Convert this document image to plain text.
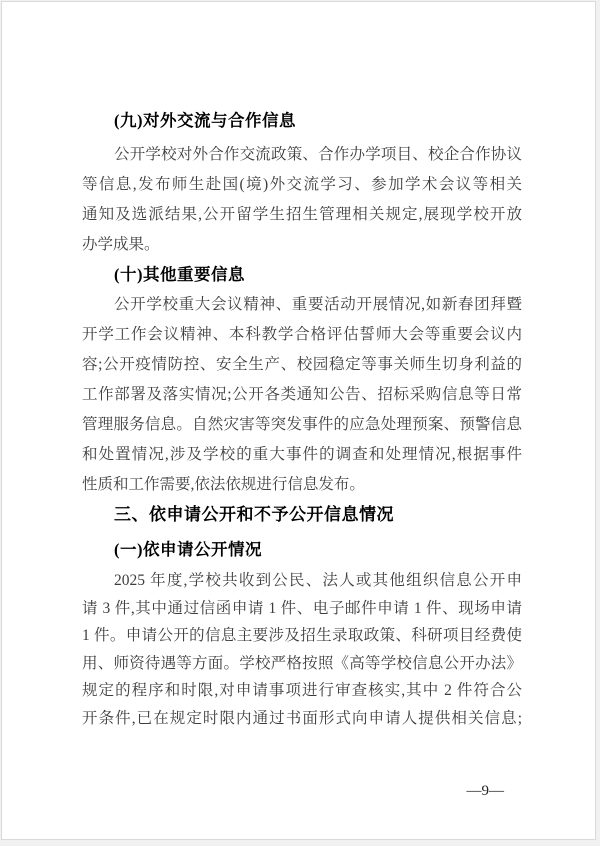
(九)对外交流与合作信息
公开学校对外合作交流政策、合作办学项目、校企合作协议
等信息,发布师生赴国(境)外交流学习、参加学术会议等相关
通知及选派结果,公开留学生招生管理相关规定,展现学校开放
办学成果。
(十)其他重要信息
公开学校重大会议精神、重要活动开展情况,如新春团拜暨
开学工作会议精神、本科教学合格评估誓师大会等重要会议内
容;公开疫情防控、安全生产、校园稳定等事关师生切身利益的
工作部署及落实情况;公开各类通知公告、招标采购信息等日常
管理服务信息。自然灾害等突发事件的应急处理预案、预警信息
和处置情况,涉及学校的重大事件的调查和处理情况,根据事件
性质和工作需要,依法依规进行信息发布。
三、依申请公开和不予公开信息情况
(一)依申请公开情况
2025 年度,学校共收到公民、法人或其他组织信息公开申
请 3 件,其中通过信函申请 1 件、电子邮件申请 1 件、现场申请
1 件。申请公开的信息主要涉及招生录取政策、科研项目经费使
用、师资待遇等方面。学校严格按照《高等学校信息公开办法》
规定的程序和时限,对申请事项进行审查核实,其中 2 件符合公
开条件,已在规定时限内通过书面形式向申请人提供相关信息;
—9—
